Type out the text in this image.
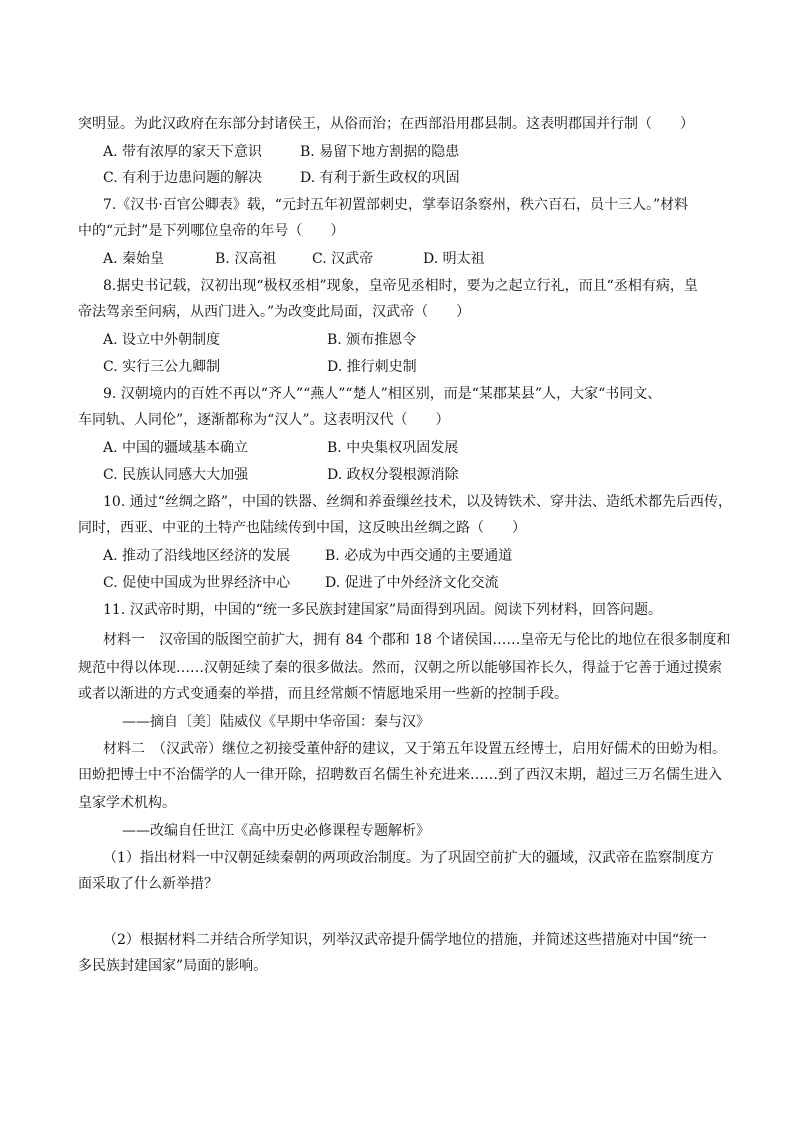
突明显。为此汉政府在东部分封诸侯王，从俗而治；在西部沿用郡县制。这表明郡国并行制（　　）
A. 带有浓厚的家天下意识	B. 易留下地方割据的隐患
C. 有利于边患问题的解决	D. 有利于新生政权的巩固
7.《汉书·百官公卿表》载，“元封五年初置部刺史，掌奉诏条察州，秩六百石，员十三人。”材料
中的“元封”是下列哪位皇帝的年号（　　）
A. 秦始皇	B. 汉高祖	C. 汉武帝	D. 明太祖
8.据史书记载，汉初出现“极权丞相”现象，皇帝见丞相时，要为之起立行礼，而且“丞相有病，皇
帝法驾亲至问病，从西门进入。”为改变此局面，汉武帝（　　）
A. 设立中外朝制度	B. 颁布推恩令
C. 实行三公九卿制	D. 推行刺史制
9. 汉朝境内的百姓不再以“齐人”“燕人”“楚人”相区别，而是“某郡某县”人，大家“书同文、
车同轨、人同伦”，逐渐都称为“汉人”。这表明汉代（　　）
A. 中国的疆域基本确立	B. 中央集权巩固发展
C. 民族认同感大大加强	D. 政权分裂根源消除
10. 通过“丝绸之路”，中国的铁器、丝绸和养蚕缫丝技术，以及铸铁术、穿井法、造纸术都先后西传，
同时，西亚、中亚的土特产也陆续传到中国，这反映出丝绸之路（　　）
A. 推动了沿线地区经济的发展 B. 必成为中西交通的主要通道
C. 促使中国成为世界经济中心 D. 促进了中外经济文化交流
11. 汉武帝时期，中国的“统一多民族封建国家”局面得到巩固。阅读下列材料，回答问题。
材料一　汉帝国的版图空前扩大，拥有 84 个郡和 18 个诸侯国……皇帝无与伦比的地位在很多制度和
规范中得以体现……汉朝延续了秦的很多做法。然而，汉朝之所以能够国祚长久，得益于它善于通过摸索
或者以渐进的方式变通秦的举措，而且经常颇不情愿地采用一些新的控制手段。
——摘自〔美〕陆威仪《早期中华帝国：秦与汉》
材料二　（汉武帝）继位之初接受董仲舒的建议，又于第五年设置五经博士，启用好儒术的田蚡为相。
田蚡把博士中不治儒学的人一律开除，招聘数百名儒生补充进来……到了西汉末期，超过三万名儒生进入
皇家学术机构。
——改编自任世江《高中历史必修课程专题解析》
（1）指出材料一中汉朝延续秦朝的两项政治制度。为了巩固空前扩大的疆域，汉武帝在监察制度方
面采取了什么新举措？
（2）根据材料二并结合所学知识，列举汉武帝提升儒学地位的措施，并简述这些措施对中国“统一
多民族封建国家”局面的影响。
